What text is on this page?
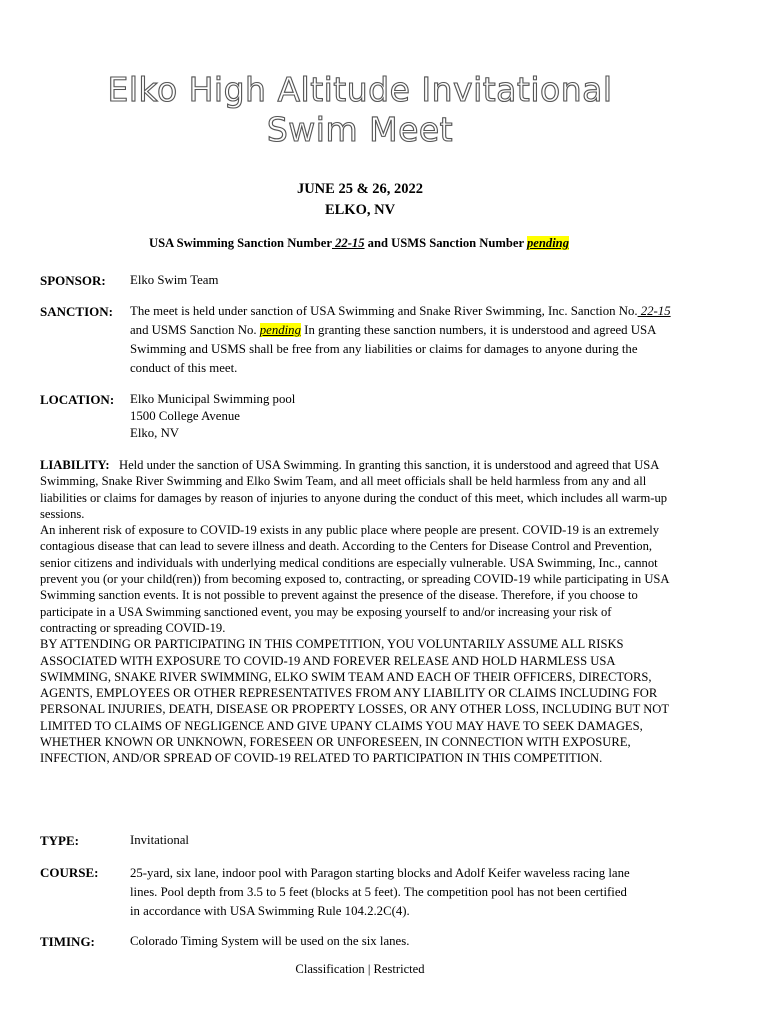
Elko High Altitude Invitational
Swim Meet
JUNE 25 & 26, 2022
ELKO, NV
USA Swimming Sanction Number 22-15 and USMS Sanction Number pending
SPONSOR: Elko Swim Team
SANCTION: The meet is held under sanction of USA Swimming and Snake River Swimming, Inc. Sanction No. 22-15 and USMS Sanction No. pending In granting these sanction numbers, it is understood and agreed USA Swimming and USMS shall be free from any liabilities or claims for damages to anyone during the conduct of this meet.
LOCATION: Elko Municipal Swimming pool
1500 College Avenue
Elko, NV

LIABILITY: Held under the sanction of USA Swimming. In granting this sanction, it is understood and agreed that USA Swimming, Snake River Swimming and Elko Swim Team, and all meet officials shall be held harmless from any and all liabilities or claims for damages by reason of injuries to anyone during the conduct of this meet, which includes all warm-up sessions.

An inherent risk of exposure to COVID-19 exists in any public place where people are present. COVID-19 is an extremely contagious disease that can lead to severe illness and death. According to the Centers for Disease Control and Prevention, senior citizens and individuals with underlying medical conditions are especially vulnerable. USA Swimming, Inc., cannot prevent you (or your child(ren)) from becoming exposed to, contracting, or spreading COVID-19 while participating in USA Swimming sanction events. It is not possible to prevent against the presence of the disease. Therefore, if you choose to participate in a USA Swimming sanctioned event, you may be exposing yourself to and/or increasing your risk of contracting or spreading COVID-19.

BY ATTENDING OR PARTICIPATING IN THIS COMPETITION, YOU VOLUNTARILY ASSUME ALL RISKS ASSOCIATED WITH EXPOSURE TO COVID-19 AND FOREVER RELEASE AND HOLD HARMLESS USA SWIMMING, SNAKE RIVER SWIMMING, ELKO SWIM TEAM AND EACH OF THEIR OFFICERS, DIRECTORS, AGENTS, EMPLOYEES OR OTHER REPRESENTATIVES FROM ANY LIABILITY OR CLAIMS INCLUDING FOR PERSONAL INJURIES, DEATH, DISEASE OR PROPERTY LOSSES, OR ANY OTHER LOSS, INCLUDING BUT NOT LIMITED TO CLAIMS OF NEGLIGENCE AND GIVE UPANY CLAIMS YOU MAY HAVE TO SEEK DAMAGES, WHETHER KNOWN OR UNKNOWN, FORESEEN OR UNFORESEEN, IN CONNECTION WITH EXPOSURE, INFECTION, AND/OR SPREAD OF COVID-19 RELATED TO PARTICIPATION IN THIS COMPETITION.

TYPE:	Invitational
COURSE: 25-yard, six lane, indoor pool with Paragon starting blocks and Adolf Keifer waveless racing lane lines. Pool depth from 3.5 to 5 feet (blocks at 5 feet). The competition pool has not been certified in accordance with USA Swimming Rule 104.2.2C(4).
TIMING:	Colorado Timing System will be used on the six lanes.
Classification | Restricted
